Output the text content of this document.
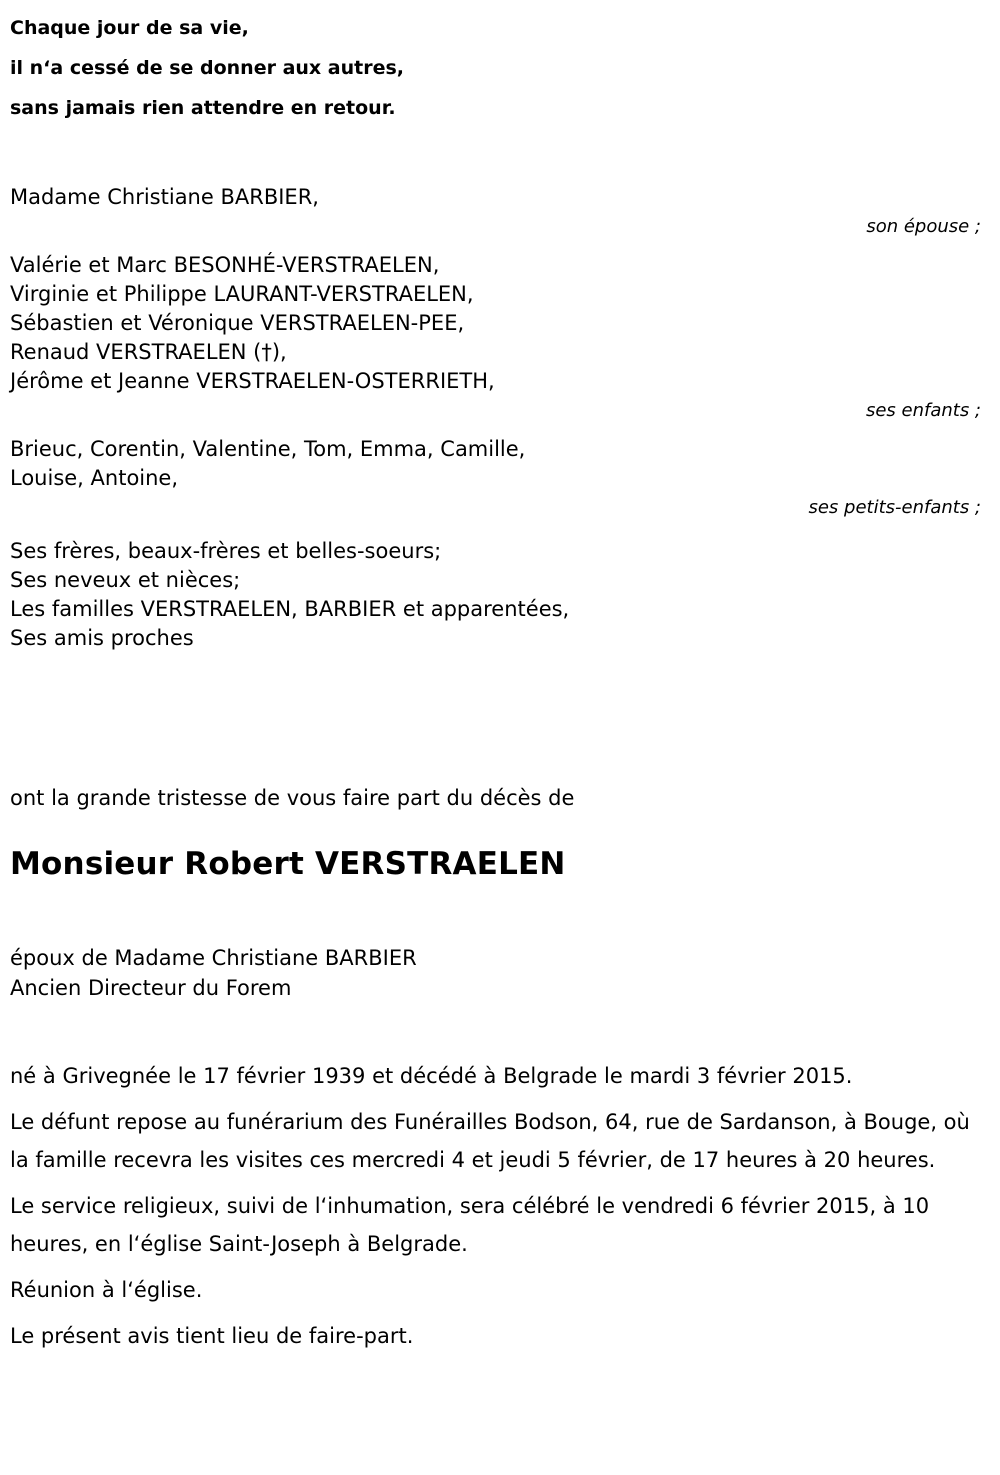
Chaque jour de sa vie,
il n‘a cessé de se donner aux autres,
sans jamais rien attendre en retour.
Madame Christiane BARBIER,
son épouse ;
Valérie et Marc BESONHÉ-VERSTRAELEN,
Virginie et Philippe LAURANT-VERSTRAELEN,
Sébastien et Véronique VERSTRAELEN-PEE,
Renaud VERSTRAELEN (†),
Jérôme et Jeanne VERSTRAELEN-OSTERRIETH,
ses enfants ;
Brieuc, Corentin, Valentine, Tom, Emma, Camille,
Louise, Antoine,
ses petits-enfants ;
Ses frères, beaux-frères et belles-soeurs;
Ses neveux et nièces;
Les familles VERSTRAELEN, BARBIER et apparentées,
Ses amis proches
ont la grande tristesse de vous faire part du décès de
Monsieur Robert VERSTRAELEN
époux de Madame Christiane BARBIER
Ancien Directeur du Forem

né à Grivegnée le 17 février 1939 et décédé à Belgrade le mardi 3 février 2015.

Le défunt repose au funérarium des Funérailles Bodson, 64, rue de Sardanson, à Bouge, où la famille recevra les visites ces mercredi 4 et jeudi 5 février, de 17 heures à 20 heures.

Le service religieux, suivi de l‘inhumation, sera célébré le vendredi 6 février 2015, à 10 heures, en l‘église Saint-Joseph à Belgrade.

Réunion à l‘église.

Le présent avis tient lieu de faire-part.
